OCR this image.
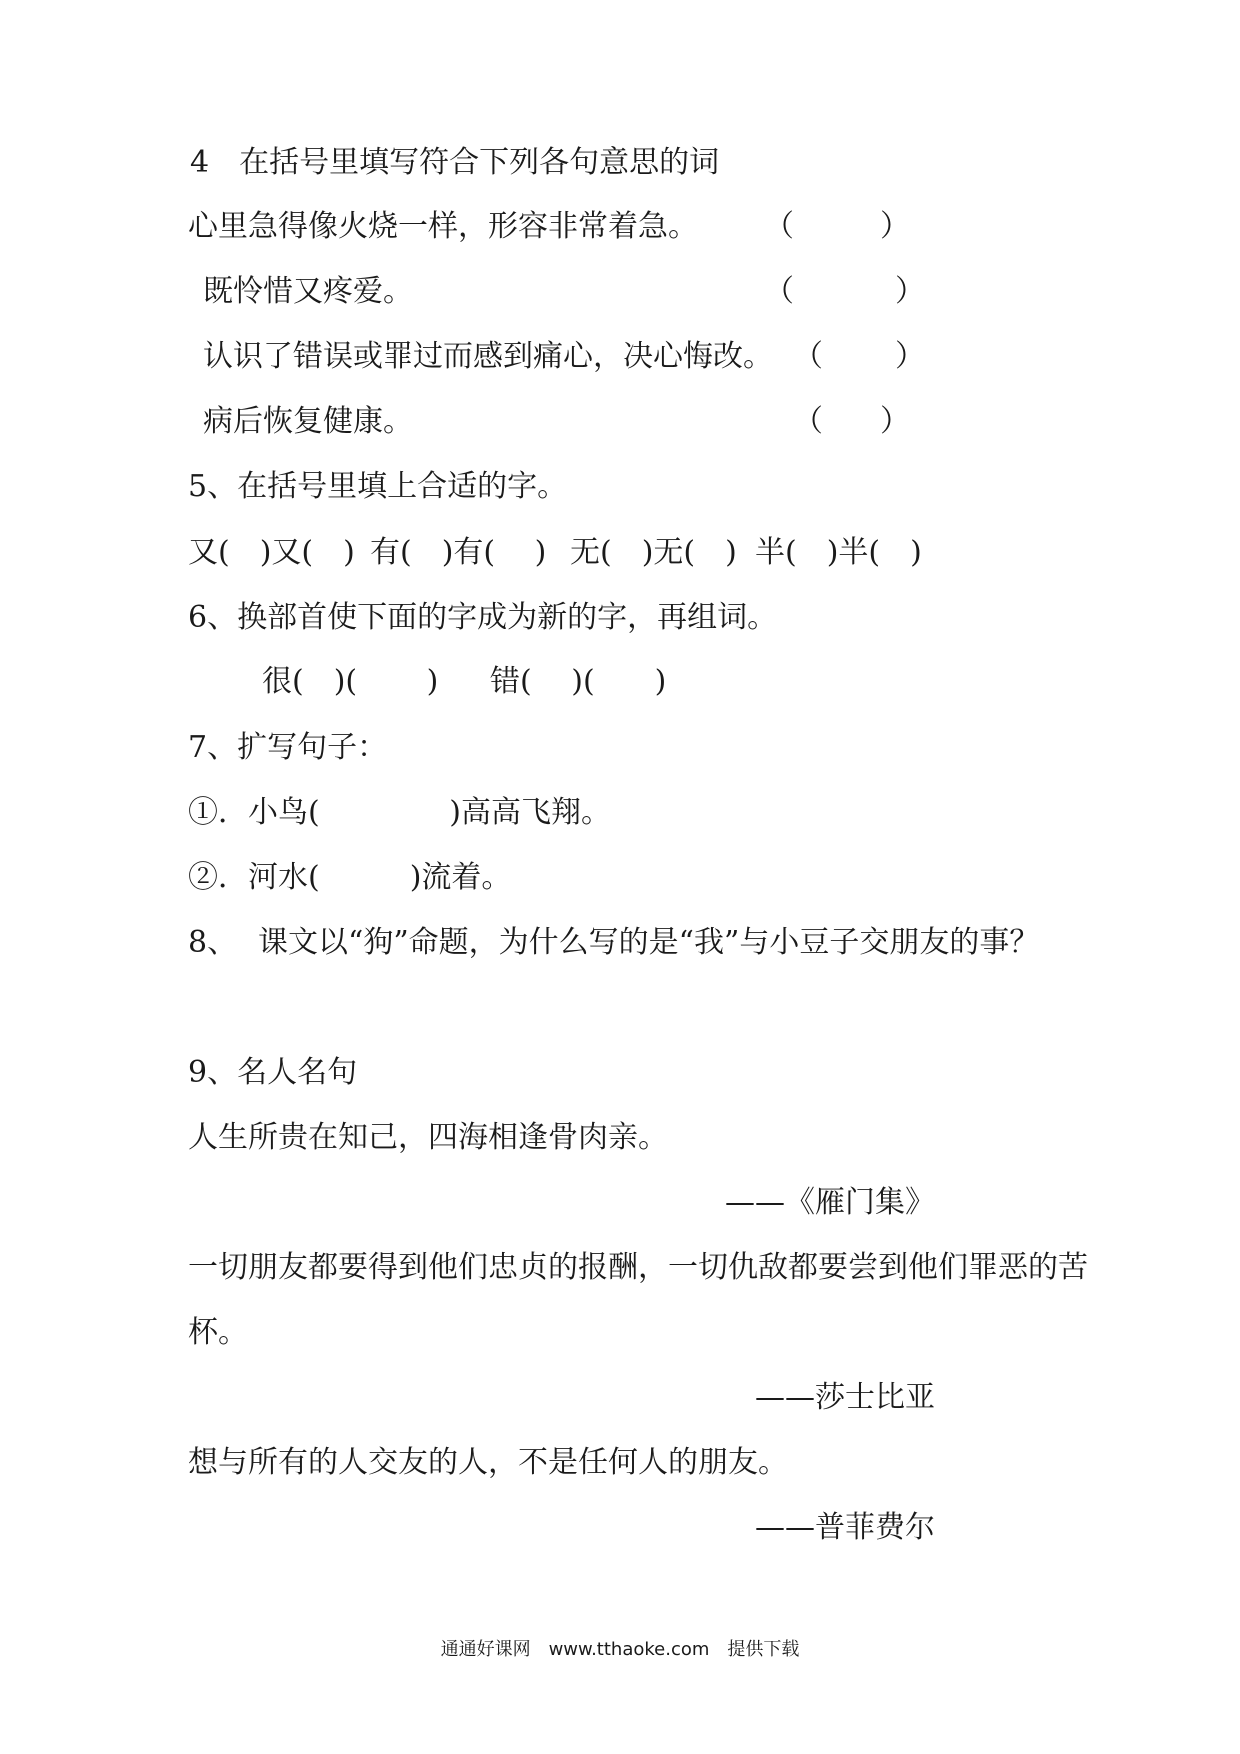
4　在括号里填写符合下列各句意思的词
心里急得像火烧一样，形容非常着急。 （	）
既怜惜又疼爱。	（	）
认识了错误或罪过而感到痛心，决心悔改。 （ ）
病后恢复健康。	（ ）
5、在括号里填上合适的字。
又(　)又(　) 有(　)有(　 ) 无(　)无(　) 半(　)半(　)
6、换部首使下面的字成为新的字，再组词。
很(　)(　　 ) 错(　 )(　　)
7、扩写句子：
①．小鸟(　　　　 )高高飞翔。
②．河水(　　　)流着。
8、 课文以“狗”命题，为什么写的是“我”与小豆子交朋友的事？
9、名人名句
人生所贵在知己，四海相逢骨肉亲。
——《雁门集》
一切朋友都要得到他们忠贞的报酬，一切仇敌都要尝到他们罪恶的苦
杯。
——莎士比亚
想与所有的人交友的人，不是任何人的朋友。
——普菲费尔
通通好课网　www.tthaoke.com　提供下载
